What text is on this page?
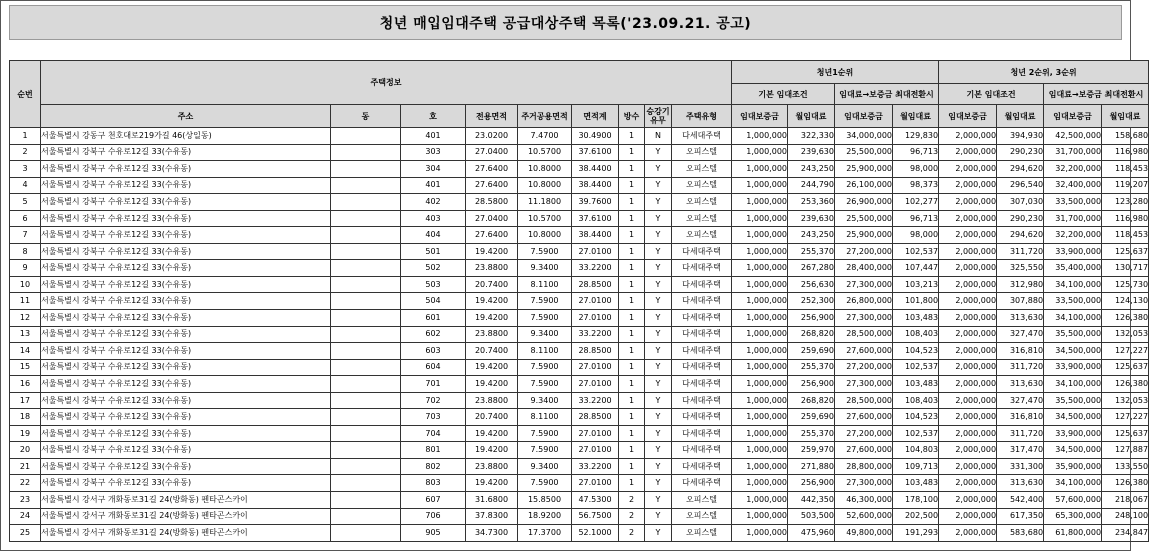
청년 매입임대주택 공급대상주택 목록('23.09.21. 공고)
순번	주택정보									청년1순위				청년 2순위, 3순위			
										기본 임대조건		임대료→보증금 최대전환시		기본 임대조건		임대료→보증금 최대전환시	
	주소	동	호	전용면적	주거공용면적	면적계	방수	승강기유무	주택유형	임대보증금	월임대료	임대보증금	월임대료	임대보증금	월임대료	임대보증금	월임대료
1	서울특별시 강동구 천호대로219가길 46(상일동)		401	23.0200	7.4700	30.4900	1	N	다세대주택	1,000,000	322,330	34,000,000	129,830	2,000,000	394,930	42,500,000	158,680
2	서울특별시 강북구 수유로12길 33(수유동)		303	27.0400	10.5700	37.6100	1	Y	오피스텔	1,000,000	239,630	25,500,000	96,713	2,000,000	290,230	31,700,000	116,980
3	서울특별시 강북구 수유로12길 33(수유동)		304	27.6400	10.8000	38.4400	1	Y	오피스텔	1,000,000	243,250	25,900,000	98,000	2,000,000	294,620	32,200,000	118,453
4	서울특별시 강북구 수유로12길 33(수유동)		401	27.6400	10.8000	38.4400	1	Y	오피스텔	1,000,000	244,790	26,100,000	98,373	2,000,000	296,540	32,400,000	119,207
5	서울특별시 강북구 수유로12길 33(수유동)		402	28.5800	11.1800	39.7600	1	Y	오피스텔	1,000,000	253,360	26,900,000	102,277	2,000,000	307,030	33,500,000	123,280
6	서울특별시 강북구 수유로12길 33(수유동)		403	27.0400	10.5700	37.6100	1	Y	오피스텔	1,000,000	239,630	25,500,000	96,713	2,000,000	290,230	31,700,000	116,980
7	서울특별시 강북구 수유로12길 33(수유동)		404	27.6400	10.8000	38.4400	1	Y	오피스텔	1,000,000	243,250	25,900,000	98,000	2,000,000	294,620	32,200,000	118,453
8	서울특별시 강북구 수유로12길 33(수유동)		501	19.4200	7.5900	27.0100	1	Y	다세대주택	1,000,000	255,370	27,200,000	102,537	2,000,000	311,720	33,900,000	125,637
9	서울특별시 강북구 수유로12길 33(수유동)		502	23.8800	9.3400	33.2200	1	Y	다세대주택	1,000,000	267,280	28,400,000	107,447	2,000,000	325,550	35,400,000	130,717
10	서울특별시 강북구 수유로12길 33(수유동)		503	20.7400	8.1100	28.8500	1	Y	다세대주택	1,000,000	256,630	27,300,000	103,213	2,000,000	312,980	34,100,000	125,730
11	서울특별시 강북구 수유로12길 33(수유동)		504	19.4200	7.5900	27.0100	1	Y	다세대주택	1,000,000	252,300	26,800,000	101,800	2,000,000	307,880	33,500,000	124,130
12	서울특별시 강북구 수유로12길 33(수유동)		601	19.4200	7.5900	27.0100	1	Y	다세대주택	1,000,000	256,900	27,300,000	103,483	2,000,000	313,630	34,100,000	126,380
13	서울특별시 강북구 수유로12길 33(수유동)		602	23.8800	9.3400	33.2200	1	Y	다세대주택	1,000,000	268,820	28,500,000	108,403	2,000,000	327,470	35,500,000	132,053
14	서울특별시 강북구 수유로12길 33(수유동)		603	20.7400	8.1100	28.8500	1	Y	다세대주택	1,000,000	259,690	27,600,000	104,523	2,000,000	316,810	34,500,000	127,227
15	서울특별시 강북구 수유로12길 33(수유동)		604	19.4200	7.5900	27.0100	1	Y	다세대주택	1,000,000	255,370	27,200,000	102,537	2,000,000	311,720	33,900,000	125,637
16	서울특별시 강북구 수유로12길 33(수유동)		701	19.4200	7.5900	27.0100	1	Y	다세대주택	1,000,000	256,900	27,300,000	103,483	2,000,000	313,630	34,100,000	126,380
17	서울특별시 강북구 수유로12길 33(수유동)		702	23.8800	9.3400	33.2200	1	Y	다세대주택	1,000,000	268,820	28,500,000	108,403	2,000,000	327,470	35,500,000	132,053
18	서울특별시 강북구 수유로12길 33(수유동)		703	20.7400	8.1100	28.8500	1	Y	다세대주택	1,000,000	259,690	27,600,000	104,523	2,000,000	316,810	34,500,000	127,227
19	서울특별시 강북구 수유로12길 33(수유동)		704	19.4200	7.5900	27.0100	1	Y	다세대주택	1,000,000	255,370	27,200,000	102,537	2,000,000	311,720	33,900,000	125,637
20	서울특별시 강북구 수유로12길 33(수유동)		801	19.4200	7.5900	27.0100	1	Y	다세대주택	1,000,000	259,970	27,600,000	104,803	2,000,000	317,470	34,500,000	127,887
21	서울특별시 강북구 수유로12길 33(수유동)		802	23.8800	9.3400	33.2200	1	Y	다세대주택	1,000,000	271,880	28,800,000	109,713	2,000,000	331,300	35,900,000	133,550
22	서울특별시 강북구 수유로12길 33(수유동)		803	19.4200	7.5900	27.0100	1	Y	다세대주택	1,000,000	256,900	27,300,000	103,483	2,000,000	313,630	34,100,000	126,380
23	서울특별시 강서구 개화동로31길 24(방화동) 펜타곤스카이		607	31.6800	15.8500	47.5300	2	Y	오피스텔	1,000,000	442,350	46,300,000	178,100	2,000,000	542,400	57,600,000	218,067
24	서울특별시 강서구 개화동로31길 24(방화동) 펜타곤스카이		706	37.8300	18.9200	56.7500	2	Y	오피스텔	1,000,000	503,500	52,600,000	202,500	2,000,000	617,350	65,300,000	248,100
25	서울특별시 강서구 개화동로31길 24(방화동) 펜타곤스카이		905	34.7300	17.3700	52.1000	2	Y	오피스텔	1,000,000	475,960	49,800,000	191,293	2,000,000	583,680	61,800,000	234,847
